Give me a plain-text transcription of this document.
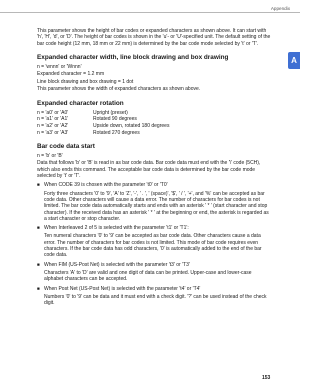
Appendix
A

This parameter shows the height of bar codes or expanded characters as shown above. It can start with 'h', 'H', 'd', or 'D'. The height of bar codes is shown in the 'u'- or 'U'-specified unit. The default setting of the bar code height (12 mm, 18 mm or 22 mm) is determined by the bar code mode selected by 't' or 'T'.

Expanded character width, line block drawing and box drawing
n = 'wnnn' or 'Wnnn'
Expanded character = 1.2 mm
Line block drawing and box drawing = 1 dot
This parameter shows the width of expanded characters as shown above.
Expanded character rotation
n = 'a0' or 'A0'	Upright (preset)
n = 'a1' or 'A1'	Rotated 90 degrees
n = 'a2' or 'A2'	Upside down, rotated 180 degrees
n = 'a3' or 'A3'	Rotated 270 degrees
Bar code data start
n = 'b' or 'B'

Data that follows 'b' or 'B' is read in as bar code data. Bar code data must end with the '\' code (5CH), which also ends this command. The acceptable bar code data is determined by the bar code mode selected by 't' or 'T'.

■ When CODE 39 is chosen with the parameter 't0' or 'T0'

Forty three characters '0' to '9', 'A' to 'Z', '-', ' . ', ' (space)', '$', ' / ', '+', and '%' can be accepted as bar code data. Other characters will cause a data error. The number of characters for bar codes is not limited. The bar code data automatically starts and ends with an asterisk ' * ' (start character and stop character). If the received data has an asterisk ' * ' at the beginning or end, the asterisk is regarded as a start character or stop character.

■ When Interleaved 2 of 5 is selected with the parameter 't1' or 'T1':

Ten numeral characters '0' to '9' can be accepted as bar code data. Other characters cause a data error. The number of characters for bar codes is not limited. This mode of bar code requires even characters. If the bar code data has odd characters, '0' is automatically added to the end of the bar code data.

■ When FIM (US-Post Net) is selected with the parameter 't3' or 'T3'

Characters 'A' to 'D' are valid and one digit of data can be printed. Upper-case and lower-case alphabet characters can be accepted.

■ When Post Net (US-Post Net) is selected with the parameter 't4' or 'T4'

Numbers '0' to '9' can be data and it must end with a check digit. '?' can be used instead of the check digit.

153
